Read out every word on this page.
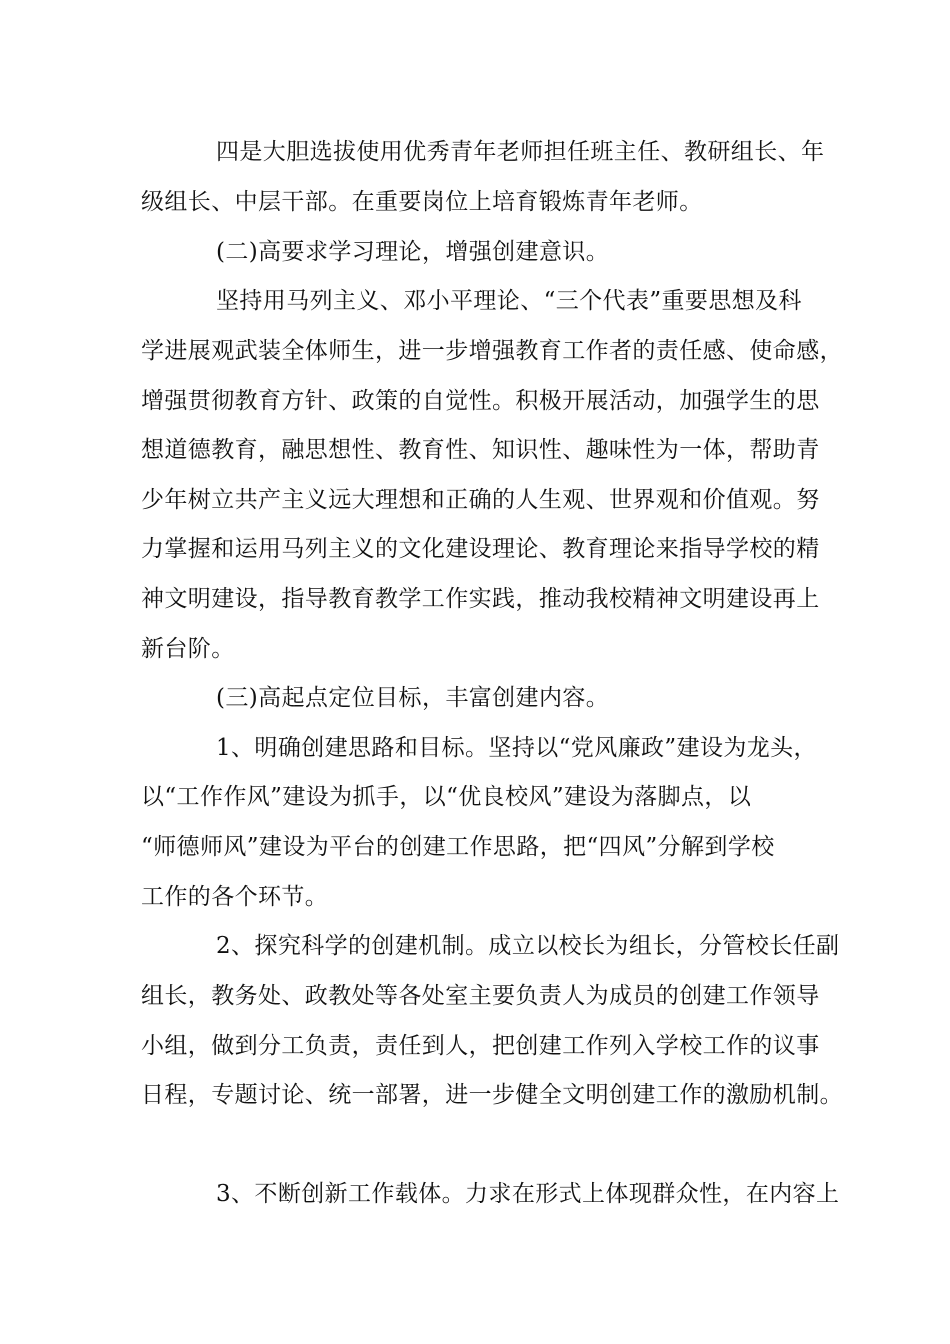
四是大胆选拔使用优秀青年老师担任班主任、教研组长、年
级组长、中层干部。在重要岗位上培育锻炼青年老师。
(二)高要求学习理论，增强创建意识。
坚持用马列主义、邓小平理论、“三个代表”重要思想及科
学进展观武装全体师生，进一步增强教育工作者的责任感、使命感，
增强贯彻教育方针、政策的自觉性。积极开展活动，加强学生的思
想道德教育，融思想性、教育性、知识性、趣味性为一体，帮助青
少年树立共产主义远大理想和正确的人生观、世界观和价值观。努
力掌握和运用马列主义的文化建设理论、教育理论来指导学校的精
神文明建设，指导教育教学工作实践，推动我校精神文明建设再上
新台阶。
(三)高起点定位目标，丰富创建内容。
1、明确创建思路和目标。坚持以“党风廉政”建设为龙头，
以“工作作风”建设为抓手，以“优良校风”建设为落脚点，以
“师德师风”建设为平台的创建工作思路，把“四风”分解到学校
工作的各个环节。
2、探究科学的创建机制。成立以校长为组长，分管校长任副
组长，教务处、政教处等各处室主要负责人为成员的创建工作领导
小组，做到分工负责，责任到人，把创建工作列入学校工作的议事
日程，专题讨论、统一部署，进一步健全文明创建工作的激励机制。
3、不断创新工作载体。力求在形式上体现群众性，在内容上
